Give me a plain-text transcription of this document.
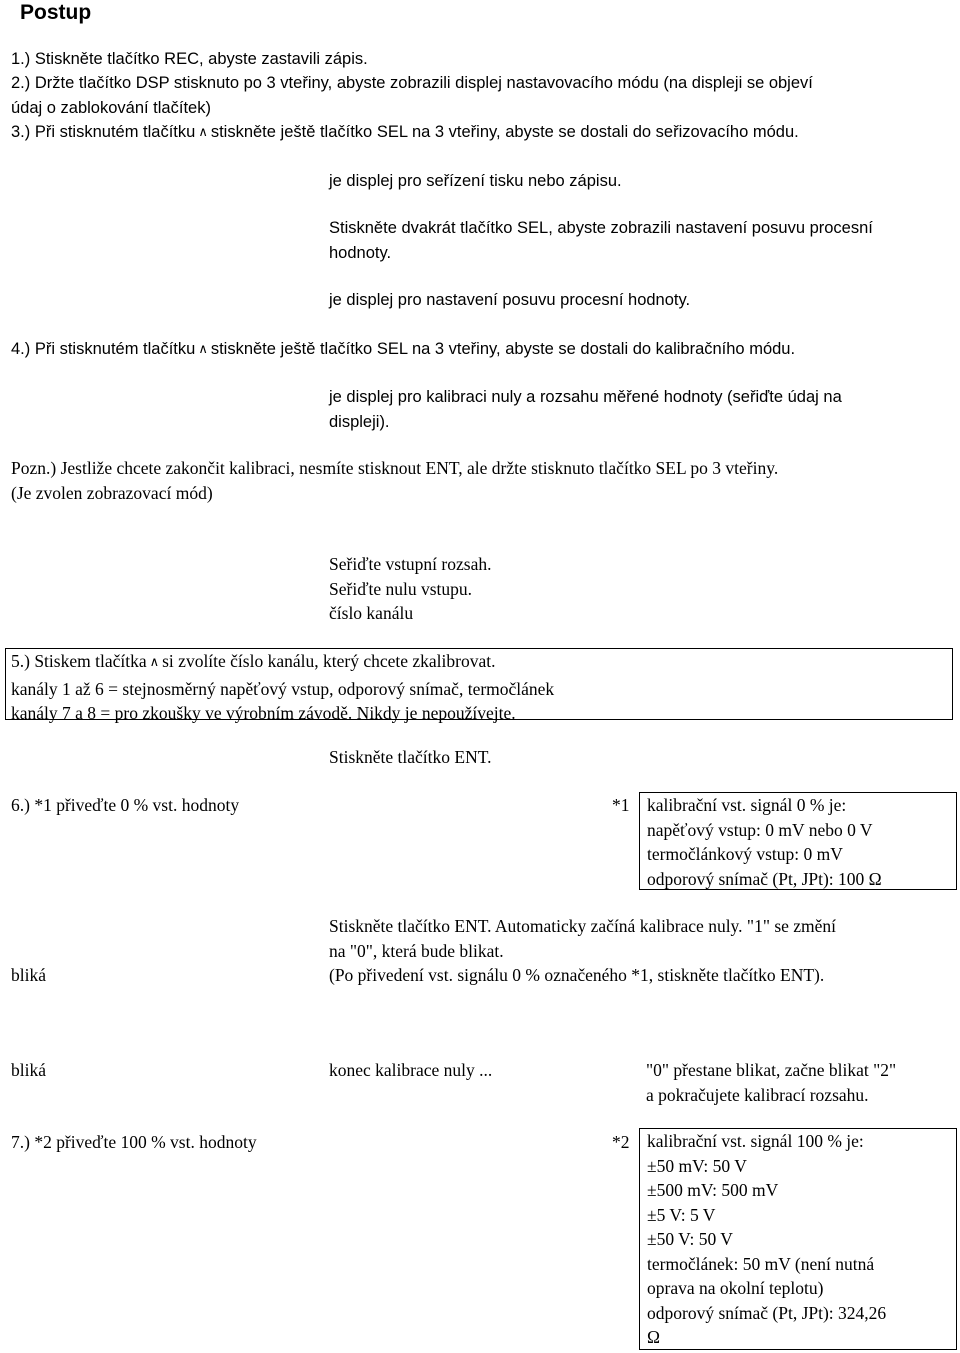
Postup
1.) Stiskněte tlačítko REC, abyste zastavili zápis.
2.) Držte tlačítko DSP stisknuto po 3 vteřiny, abyste zobrazili displej nastavovacího módu (na displeji se objeví
údaj o zablokování tlačítek)
3.) Při stisknutém tlačítku ∧ stiskněte ještě tlačítko SEL na 3 vteřiny, abyste se dostali do seřizovacího módu.
je displej pro seřízení tisku nebo zápisu.
Stiskněte dvakrát tlačítko SEL, abyste zobrazili nastavení posuvu procesní
hodnoty.
je displej pro nastavení posuvu procesní hodnoty.
4.) Při stisknutém tlačítku ∧ stiskněte ještě tlačítko SEL na 3 vteřiny, abyste se dostali do kalibračního módu.
je displej pro kalibraci nuly a rozsahu měřené hodnoty (seřiďte údaj na
displeji).
Pozn.) Jestliže chcete zakončit kalibraci, nesmíte stisknout ENT, ale držte stisknuto tlačítko SEL po 3 vteřiny.
(Je zvolen zobrazovací mód)
Seřiďte vstupní rozsah.
Seřiďte nulu vstupu.
číslo kanálu
5.) Stiskem tlačítka ∧ si zvolíte číslo kanálu, který chcete zkalibrovat.
kanály 1 až 6 = stejnosměrný napěťový vstup, odporový snímač, termočlánek
kanály 7 a 8 = pro zkoušky ve výrobním závodě. Nikdy je nepoužívejte.
Stiskněte tlačítko ENT.
6.) *1 přiveďte 0 % vst. hodnoty	*1 kalibrační vst. signál 0 % je:
napěťový vstup: 0 mV nebo 0 V
termočlánkový vstup: 0 mV
odporový snímač (Pt, JPt): 100 Ω
Stiskněte tlačítko ENT. Automaticky začíná kalibrace nuly. "1" se změní
na "0", která bude blikat.
(Po přivedení vst. signálu 0 % označeného *1, stiskněte tlačítko ENT).
bliká
bliká	konec kalibrace nuly ...	"0" přestane blikat, začne blikat "2"
a pokračujete kalibrací rozsahu.
7.) *2 přiveďte 100 % vst. hodnoty	*2 kalibrační vst. signál 100 % je:
±50 mV: 50 V
±500 mV: 500 mV
±5 V: 5 V
±50 V: 50 V
termočlánek: 50 mV (není nutná
oprava na okolní teplotu)
odporový snímač (Pt, JPt): 324,26
Ω
